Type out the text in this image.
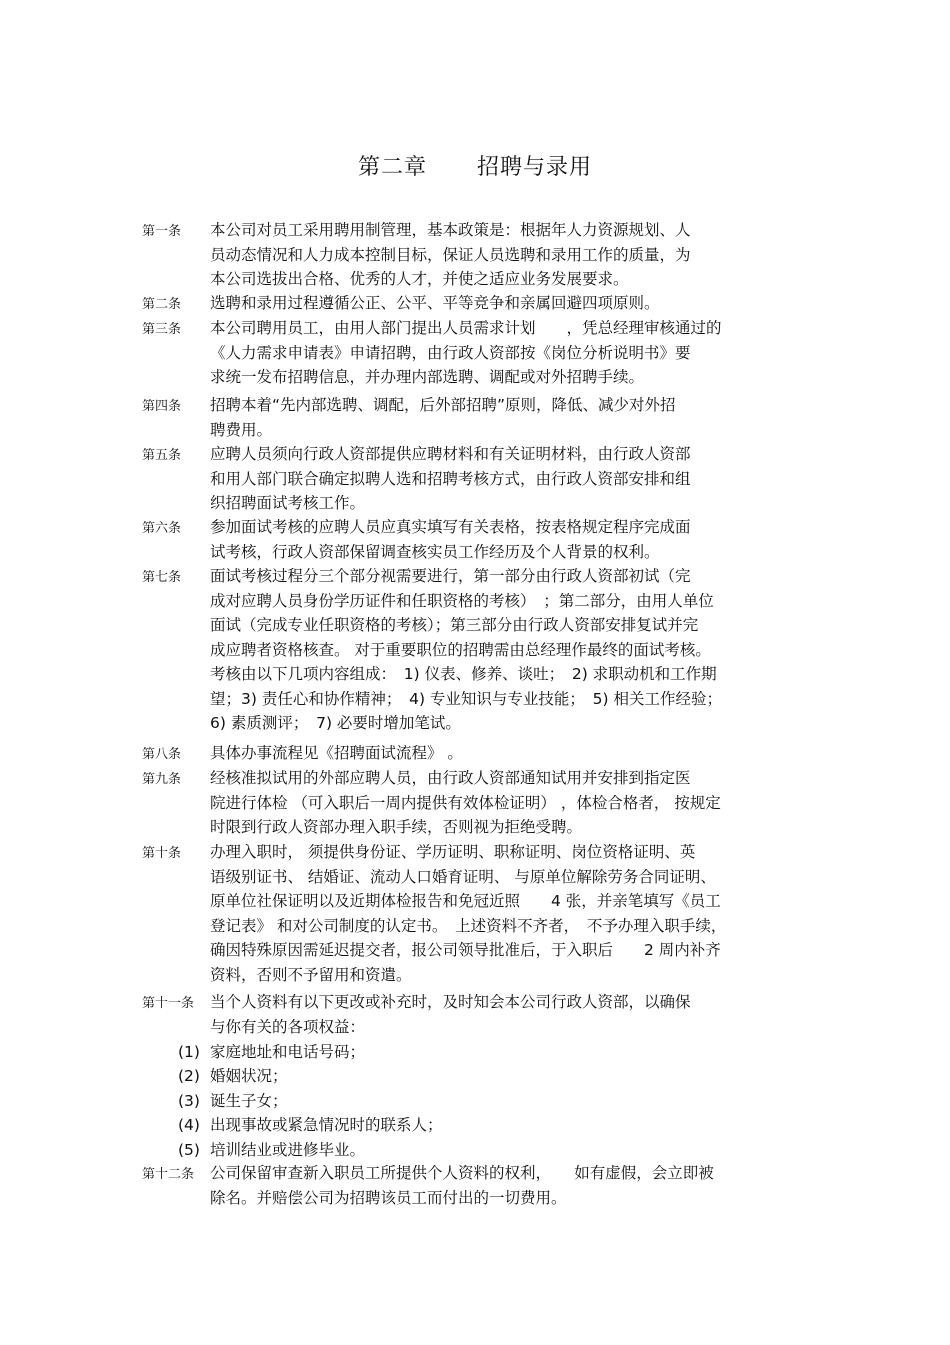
第二章 招聘与录用
第一条 本公司对员工采用聘用制管理，基本政策是：根据年人力资源规划、人
员动态情况和人力成本控制目标，保证人员选聘和录用工作的质量，为
本公司选拔出合格、优秀的人才，并使之适应业务发展要求。
第二条 选聘和录用过程遵循公正、公平、平等竞争和亲属回避四项原则。
第三条 本公司聘用员工，由用人部门提出人员需求计划　　，凭总经理审核通过的
《人力需求申请表》申请招聘，由行政人资部按《岗位分析说明书》要
求统一发布招聘信息，并办理内部选聘、调配或对外招聘手续。
第四条 招聘本着“先内部选聘、调配，后外部招聘”原则，降低、减少对外招
聘费用。
第五条 应聘人员须向行政人资部提供应聘材料和有关证明材料，由行政人资部
和用人部门联合确定拟聘人选和招聘考核方式，由行政人资部安排和组
织招聘面试考核工作。
第六条 参加面试考核的应聘人员应真实填写有关表格，按表格规定程序完成面
试考核，行政人资部保留调查核实员工作经历及个人背景的权利。
第七条 面试考核过程分三个部分视需要进行，第一部分由行政人资部初试（完
成对应聘人员身份学历证件和任职资格的考核）　；第二部分，由用人单位
面试（完成专业任职资格的考核）；第三部分由行政人资部安排复试并完
成应聘者资格核查。 对于重要职位的招聘需由总经理作最终的面试考核。
考核由以下几项内容组成：　1) 仪表、修养、谈吐；　2) 求职动机和工作期
望；3) 责任心和协作精神；　4) 专业知识与专业技能；　5) 相关工作经验；
6) 素质测评；　7) 必要时增加笔试。
第八条 具体办事流程见《招聘面试流程》 。
第九条 经核准拟试用的外部应聘人员，由行政人资部通知试用并安排到指定医
院进行体检 （可入职后一周内提供有效体检证明） ，体检合格者， 按规定
时限到行政人资部办理入职手续，否则视为拒绝受聘。
第十条 办理入职时， 须提供身份证、学历证明、职称证明、岗位资格证明、英
语级别证书、 结婚证、流动人口婚育证明、 与原单位解除劳务合同证明、
原单位社保证明以及近期体检报告和免冠近照　　4 张，并亲笔填写《员工
登记表》 和对公司制度的认定书。　上述资料不齐者，　不予办理入职手续，
确因特殊原因需延迟提交者，报公司领导批准后，于入职后　　2 周内补齐
资料，否则不予留用和资遣。
第十一条 当个人资料有以下更改或补充时，及时知会本公司行政人资部，以确保
与你有关的各项权益：
第十二条 公司保留审查新入职员工所提供个人资料的权利，　　如有虚假，会立即被
除名。并赔偿公司为招聘该员工而付出的一切费用。
(1) 家庭地址和电话号码；
(2) 婚姻状况；
(3) 诞生子女；
(4) 出现事故或紧急情况时的联系人；
(5) 培训结业或进修毕业。
